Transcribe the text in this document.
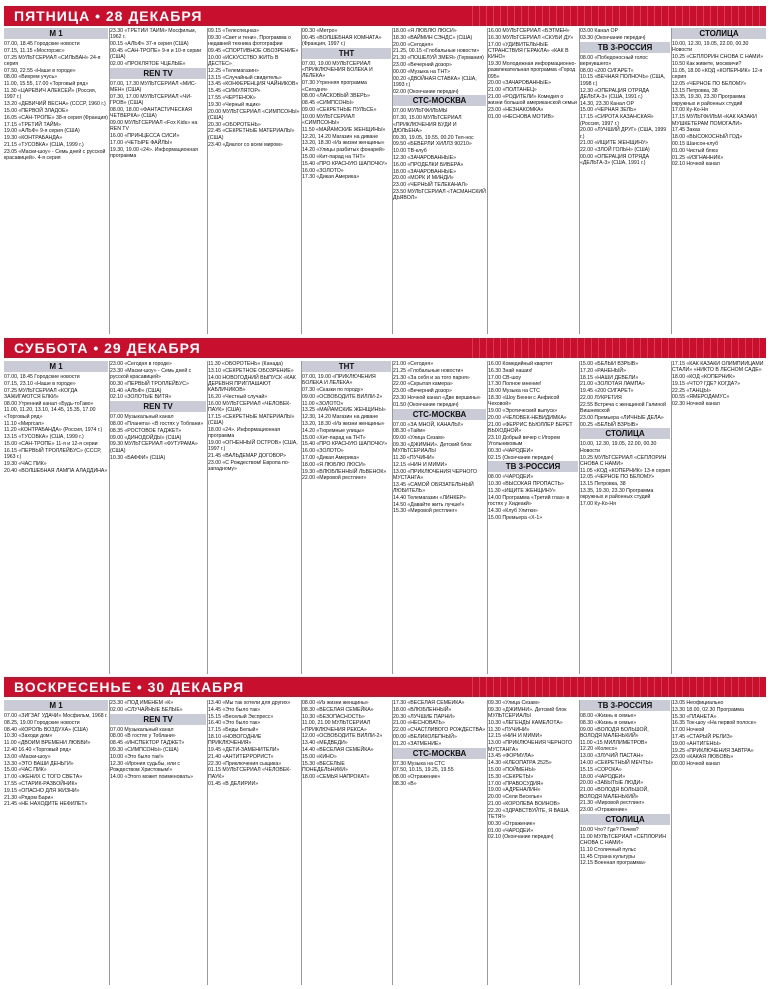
ПЯТНИЦА • 28 ДЕКАБРЯ
М 1
07.00, 18.45 Городские новости
07.15, 11.15 «Мосгорэкс»
07.25 МУЛЬТСЕРИАЛ «СИЛЬВАН» 24-я серия
07.50, 22.55 «Наше в городе»
08.00 «Вихрем учусь»
11.00, 15.55, 17.00 «Торговый ряд»
11.30 «ЦАРЕВИЧ АЛЕКСЕЙ» (Россия, 1997 г.)
13.20 «ДЕВИЧИЙ ВЕСНА» (СССР, 1960 г.)
15.00 «ПЕРВОЙ ЗЛАДОЕ»
16.05 «САН-ТРОПЕ» 38-я серия (Франция)
17.15 «ТРЕТИЙ ТАЙМ»
19.00 «АЛЬФ» 9-я серия (США)
19.30 «КОНТРАБАНДА»
21.15 «ТУСОВКА» (США, 1999 г.)
23.05 «Маски-шоу» - Семь дней с русской красавицей». 4-я серия
23.30 «ТРЕТИЙ ТАЙМ» Мосфильм, 1962 г.
00.15 «АЛЬФ» 37-я серия (США)
00.45 «САН-ТРОПЕ» 9-я и 10-я серии (США)
02.00 «ПРОКЛЯТОЕ ЧЦЕЛЫЕ»
REN TV
07.00, 17.30 МУЛЬТСЕРИАЛ «МИС-МЕН» (США)
07.30, 17.00 МУЛЬТСЕРИАЛ «ЧИ-ГРОВ» (США)
08.00, 18.00 «ФАНТАСТИЧЕСКАЯ ЧЕТВЕРКА» (США)
09.00 МУЛЬТСЕРИАЛ «Fox Kids» на REN TV
16.00 «ПРИНЦЕССА СИСИ»
17.00 «ЧЕТЫРЕ ФАЙЛЫ»
19.30, 19.00 «24». Информационная программа
09.15 «Телеспецназ»
09.30 «Свет и тени». Программа о недавней техника фотографии
09.45 «СПОРТИВНОЕ ОБОЗРЕНИЕ»
10.00 «ИСКУССТВО ЖИТЬ В ДЕСТЕС»
12.25 «Телемагазин»
13.15 «Случайный свидетель»
13.45 «КОНФЕРЕНЦИЯ ЧАЙНИКОВ»
15.45 «СИМУЛЯТОР»
17.55 «ЧЕРТЕНОК»
19.30 «Черный ящик»
20.00 МУЛЬТСЕРИАЛ «СИМПСОНЫ» (США)
20.30 «ОБОРОТЕНЬ»
22.45 «СЕКРЕТНЫЕ МАТЕРИАЛЫ» (США)
23.40 «Диалог со всем миром»
00.30 «Метро»
00.45 «ВОЛШЕБНАЯ КОМНАТА» (Франция, 1997 г.)
ТНТ
07.00, 19.00 МУЛЬТСЕРИАЛ «ПРИКЛЮЧЕНИЯ БОЛЕКА И ЛЕЛЕКА»
07.30 Утренняя программа «Сегодня»
08.00 «ЛАСКОВЫЙ ЗВЕРЬ»
08.45 «СИМПСОНЫ»
09.00 «СЕКРЕТНЫЕ ПУЛЬСЕ»
10.00 МУЛЬТСЕРИАЛ «СИМПСОНЫ»
11.50 «МАЙАМСКИЕ ЖЕНЩИНЫ»
12.20, 14.20 Магазин на диване
13.20, 18.30 «Из жизни женщины»
14.20 «Улицы разбитых фонарей»
15.00 «Кит-парад на ТНТ»
15.40 «ПРО КРАСНУЮ ШАПОЧКУ»
16.00 «ЗОЛОТО»
17.30 «Дикая Америка»
18.00 «Я ЛЮБЛЮ ЛЮСИ»
18.30 «ВАЙМИН СЭНДС» (США)
20.00 «Сегодня»
21.25, 00.15 «Глобальные новости»
21.30 «ПОШЕЛУЙ ЗМЕЯ» (Германия)
23.00 «Вечерний дозор»
00.00 «Музыка на ТНТ»
00.20 «ДВОЙНАЯ СТАВКА» (США, 1993 г.)
02.00 (Окончание передач)
СТС-МОСКВА
07.00 МУЛЬТФИЛЬМЫ
07.30, 15.00 МУЛЬТСЕРИАЛ «ПРИКЛЮЧЕНИЯ БУДИ И ДЮЛЬЕНА»
09.30, 19.05, 19.55, 00.20 Тел-нос
09.50 «БЕВЕРЛИ ХИЛЛЗ 90210»
10.00 ТВ-клуб
12.30 «ЗАЧАРОВАННЫЕ»
16.00 «ПРОДЕЛКИ БИБЕРА»
18.00 «ЗАЧАРОВАННЫЕ»
20.00 «МОРК И МИНДИ»
23.00 «ЧЕРНЫЙ ТЕЛЕКАНАЛ»
23.50 МУЛЬТСЕРИАЛ «ТАСМАНСКИЙ ДЬЯВОЛ»
16.00 МУЛЬТСЕРИАЛ «БЭТМЕН»
16.30 МУЛЬТСЕРИАЛ «СКУБИ ДУ»
17.00 «УДИВИТЕЛЬНЫЕ СТРАНСТВИЯ ГЕРАКЛА» «КАК В КИНО»
19.30 Молодежная информационно-развлекательная программа «Город 095»
20.00 «ЗАЧАРОВАННЫЕ»
21.00 «ПОЛТАНЕЦ»
21.00 «РОДИТЕЛИ» Комедия о жизни большой американской семьи
23.00 «НЕЗНАКОМКА»
01.00 «НЕСНОВА МОТИВ»
03.00 Канал ОР
03.30 (Окончание передач)
ТВ 3-РОССИЯ
08.00 «Победоносный голос вернувшего»
08.00 «200 СИГАРЕТ»
10.15 «ВЕЧНАЯ ПОЛНОЧЬ» (США, 1998 г.)
12.30 «ОПЕРАЦИЯ ОТРЯДА ДЕЛЬТА-3» (США, 1991 г.)
14.30, 23.30 Канал ОР
15.00 «ЧЕРНАЯ ЗЕЛЬ»
17.15 «СИРОТА КАЗАНСКАЯ» (Россия, 1997 г.)
20.00 «ЛУЧШИЙ ДРУГ» (США, 1999 г.)
21.00 «ИЩИТЕ ЖЕНЩИНУ»
22.00 «ЗЛОЙ ГОЛЬН» (США)
00.00 «ОПЕРАЦИЯ ОТРЯДА «ДЕЛЬТА-3» (США, 1991 г.)
СТОЛИЦА
10.00, 12.30, 19.05, 22.00, 00.30 Новости
10.25 «СЕПЛОРИН СНОВА С НАМИ»
10.50 Как живете, москвичи?
11.05, 18.00 «КОД «КОПЕРНИК» 12-я серия
12.05 «ЧЕРНОЕ ПО БЕЛОМУ»
13.15 Петровка, 38
13.35, 19.30, 23.30 Программа окружных и районных студий
17.00 Ку-Ко-Ня
17.15 МУЛЬТФИЛЬМ «КАК КАЗАКИ МУШКЕТЕРАМ ПОМОГАЛИ»
17.45 Заказ
18.00 «ВЫСОКОСНЫЙ ГОД»
00.15 Шансон-клуб
01.00 Чистый блюз
01.25 «ИЗГНАННИК»
02.10 Ночной канал
СУББОТА • 29 ДЕКАБРЯ
М 1
07.00, 18.45 Городские новости
07.15, 23.10 «Наше в городе»
07.25 МУЛЬТСЕРИАЛ «КОГДА ЗАЖИГАЮТСЯ ЕЛКИ»
08.00 Утренний канал «Будь-тоГаво»
11.00, 11.20, 13.10, 14.45, 15.35, 17.00 «Торговый ряд»
11.10 «Миргсап»
11.20 «КОНТРАБАНДА» (Россия, 1974 г.)
13.15 «ТУСОВКА» (США, 1999 г.)
15.00 «САН-ТРОПЕ» 11-я и 12-я серии
16.15 «ПЕРВЫЙ ТРОЛЛЕЙБУС» (СССР, 1963 г.)
19.30 «ЧАС ПИК»
20.40 «ВОЛШЕБНАЯ ЛАМПА АЛАДДИНА»
23.00 «Сегодня в городе»
23.30 «Маски-шоу» - Семь дней с русской красавицей»
00.30 «ПЕРВЫЙ ТРОЛЛЕЙБУС»
01.40 «АЛЬФ» (США)
02.10 «ЗОЛОТЫЕ ВИТЯ»
REN TV
07.00 Музыкальный канал
08.00 «Планета» «В гостях у Тоблани»
08.35 «РОСТОВОЕ ГАДЖЕТ»
09.00 «ДИНОДОЙДЫ» (США)
09.30 МУЛЬТСЕРИАЛ «ФУТУРАМА» (США)
10.30 «БАФФИ» (США)
11.30 «ОБОРОТЕНЬ» (Канада)
13.10 «СЕКРЕТНОЕ ОБОЗРЕНИЕ»
14.00 НОВОГОДНИЙ ВЫПУСК «КАК ДЕРЕВНЯ ПРИГЛАШАЮТ КАБЛИЧИКОВ»
16.20 «Честный случай»
16.00 МУЛЬТСЕРИАЛ «ЧЕЛОВЕК-ПАУК» (США)
17.15 «СЕКРЕТНЫЕ МАТЕРИАЛЫ» (США)
18.00 «24». Информационная программа
19.00 «ОГНЕННЫЙ ОСТРОВ» (США, 1997 г.)
21.45 «ВАЛЬДЕМАР ДОГОВОР»
23.00 «С Рождеством! Европа по-западному»
ТНТ
07.00, 19.00 «ПРИКЛЮЧЕНИЯ БОЛЕКА И ЛЕЛЕКА»
07.30 «Сказки по городу»
09.00 «ОСВОБОДИТЕ ВИЛЛИ-2»
11.00 «ЗОЛОТО»
13.25 «МАЙАМСКИЕ ЖЕНЩИНЫ»
12.30, 14.20 Магазин на диване
13.20, 18.30 «Из жизни женщины»
14.20 «Тюремные улицы»
15.00 «Хит-парад на ТНТ»
15.40 «ПРО КРАСНУЮ ШАПОЧКУ»
16.00 «ЗОЛОТО»
17.00 «Дикая Америка»
18.00 «Я ЛЮБЛЮ ЛЮСИ»
19.30 «ВЛЮБЛЕННЫЙ ЛЬВЕНОК»
22.00 «Мировой рестлинг»
21.00 «Сегодня»
21.25 «Глобальные новости»
21.30 «За себя и за того парня»
22.00 «Скрытая камера»
23.00 «Вечерний дозор»
23.30 Ночной канал «Две вершины»
01.50 (Окончание передач)
СТС-МОСКВА
07.00 «ЗА МНОЙ, КАНАЛЫ!»
08.30 «Тайм»
09.00 «Улица Сезам»
09.30 «ДЖИМНИ». Детский блок МУЛЬТСЕРИАЛЫ
11.30 «ПУЧИНИ»
12.15 «НИН И МИМИ»
13.00 «ПРИКЛЮЧЕНИЯ ЧЕРНОГО МУСТАНГА»
13.45 «САМОЙ ОБЯЗАТЕЛЬНЫЙ ЛЮБИТЕЛЬ»
14.40 Телемагазин «ЛИНКЕР»
14.50 «Давайте жить лучше!»
15.30 «Мировой рестлинг»
16.00 Комедийный квартет
16.30 Знай наших!
17.00 СВ-шоу
17.30 Полное мнение!
18.00 Музыка на СТС
18.30 «Шоу Бенни с Анфисой Чеховой»
19.00 «Эротический выпуск»
20.00 «ЧЕЛОВЕК-НЕВИДИМКА»
21.00 «ФЕРРИС БЬЮЛЛЕР БЕРЕТ ВЫХОДНОЙ»
23.10 Добрый вечер с Игорем Угольниковым
00.30 «ЧАРОДЕИ»
02.15 (Окончание передач)
ТВ 3-РОССИЯ
08.00 «ЧАРОДЕИ»
10.30 «ВЫСОКАЯ ПРОПАСТЬ»
11.30 «ИЩИТЕ ЖЕНЩИНУ»
14.00 Программа «Третий глаз» в гостях у Хидеакй»
14.30 «Клуб Улитки»
15.00 Премьера «Х-1»
15.00 «БЕЛЫЙ ВЗРЫВ»
17.20 «РАНЕНЫЙ»
18.15 «НАШИ ДЕВЕЛИ»
21.00 «ЗОЛОТАЯ ЛАМПА»
19.45 «200 СИГАРЕТ»
22.00 ЛУКРЕТИЯ
22.55 Встреча с женщиной Галиной Вишневской
23.00 Премьера «ЛИЧНЫЕ ДЕЛА»
00.25 «БЕЛЫЙ ВЗРЫВ»
СТОЛИЦА
10.00, 12.30, 19.05, 22.00, 00.30 Новости
10.25 МУЛЬТСЕРИАЛ «СЕПЛОРИН СНОВА С НАМИ»
11.05 «КОД «КОПЕРНИК» 13-я серия
12.05 «ЧЕРНОЕ ПО БЕЛОМУ»
13.15 Петровка, 38
13.35, 19.30, 23.30 Программа окружных и районных студий
17.00 Ку-Ко-Ня
17.15 «КАК КАЗАКИ ОЛИМПИЙЦАМИ СТАЛИ» «НИКТО В ЛЕСНОМ САДЕ»
18.00 «КОД «КОПЕРНИК»
19.15 «ЧТО? ГДЕ? КОГДА?»
22.25 «ТАНЦЫ»
00.55 «ЯМЕРОДАМУС»
02.30 Ночной канал
ВОСКРЕСЕНЬЕ • 30 ДЕКАБРЯ
М 1
07.00 «ЗИГЗАГ УДАЧИ» Мосфильм, 1968 г.
08.25, 19.00 Городские новости
08.40 «КОРОЛЬ ВОЗДУХА» (США)
10.30 «Заходи дом»
11.00 «ДВОИМ ВРЕМЕНИ ЛЮБВИ»
12.40 16.40 «Торговый ряд»
13.00 «Маски-шоу»
13.30 «ЭТО ВАШИ ДЕНЬГИ»
15.00 «ЧАС ПИК»
17.00 «ЖЕНИХ С ТОГО СВЕТА»
17.55 «СТАРИК-РАЗБОЙНИК»
19.15 «ОПАСНО ДЛЯ ЖИЗНИ»
21.30 «Рядом Бари»
21.45 «НЕ НАХОДИТЕ НЕФИЛЕТ»
23.30 «ПОД ИМЕНЕМ «К»
02.00 «СЛУЧАЙНЫЕ БЕЛЫЕ»
REN TV
07.00 Музыкальный канал
08.00 «В гостях у Тоблани»
08.45 «ИНСПЕКТОР ГАДЖЕТ»
09.30 «СИМПСОНЫ» (США)
10.00 «Это было так!»
12.30 «Ирония судьбы, или с Рождеством Христовым!»
14.00 «Этого может поименовать»
13.40 «Мы так хотели для других»
14.45 «Это было так»
15.15 «Веселый Экспресс»
16.40 «Это было так»
17.15 «Беды Белый»
18.10 «НОВОГОДНИЕ ПРИКЛЮЧЕНИЯ»
19.45 «ДЕТИ-ЗАМЕНИТЕЛИ»
21.40 «АНТИТЕРРОРИСТ»
22.30 «Приключения сыщика»
01.15 МУЛЬТСЕРИАЛ «ЧЕЛОВЕК-ПАУК»
01.45 «В ДЕЛИРИИ»
08.00 «Из жизни женщины»
08.30 «ВЕСЕЛАЯ СЕМЕЙКА»
10.30 «БЕЗОПАСНОСТЬ»
11.00, 21.00 МУЛЬТСЕРИАЛ «ПРИКЛЮЧЕНИЯ РЕКСА»
12.00 «ОСВОБОДИТЕ ВИЛЛИ-2»
13.40 «МЕДВЕДИ»
14.40 «ВЕСЕЛАЯ СЕМЕЙКА»
15.00 «КИНО»
15.30 «ВЕСЕЛЫЕ ПОНЕДЕЛЬНИКИ»
18.00 «СЕМЬЯ НАПРОКАТ»
17.30 «ВЕСЕЛАЯ СЕМЕЙКА»
18.00 «ВЛЮБЛЕННЫЙ»
20.30 «ЛУЧШИЕ ПАРНИ»
21.00 «НЕСНОВАТЬ»
22.00 «СЧАСТЛИВОГО РОЖДЕСТВА»
00.00 «ВЕЛИКОЛЕПНЫЙ»
01.20 «ЗАТМЕНИЕ»
СТС-МОСКВА
07.30 Музыка на СТС
07.50, 10.15, 19.25, 19.55
08.00 «Отражение»
08.30 «В»
09.30 «Улица Сезам»
09.30 «ДЖИМНИ». Детский блок МУЛЬТСЕРИАЛЫ
10.30 «ЛЕГЕНДЫ КАМЕЛОТА»
11.30 «ПУЧИНИ»
12.15 «НИН И МИМИ»
13.00 «ПРИКЛЮЧЕНИЯ ЧЕРНОГО МУСТАНГА»
13.45 «ФОРМУЛА»
14.30 «КЛЕОПАТРА 2525»
15.00 «ПОЙМЕНЫ»
15.30 «СЕКРЕТЫ»
17.00 «ПРАВОСУДИЯ»
19.00 «АДРЕНАЛИН»
20.00 «Сели Веселье»
21.00 «КОРОЛЕВА ВОИНОВ»
22.20 «ЗДРАВСТВУЙТЕ, Я ВАША ТЕТЯ!»
00.30 «Отражение»
01.00 «ЧАРОДЕИ»
02.10 (Окончание передач)
ТВ 3-РОССИЯ
08.00 «Жизнь в семье»
08.30 «Жизнь в семье»
09.00 «ВОЛОДЯ БОЛЬШОЙ, ВОЛОДЯ МАЛЕНЬКИЙ»
11.00 «15 МИЛЛИМЕТРОВ»
12.20 «Колесо»
13.00 «ЗЛУЧИЙ ПАСТАН»
14.00 «СЕКРЕТНЫЙ МЕЧТЫ»
15.15 «СОРОКА»
18.00 «ЧАРОДЕИ»
20.00 «ЗАБЫТЫЕ ЛЮДИ»
21.00 «ВОЛОДЯ БОЛЬШОЙ, ВОЛОДЯ МАЛЕНЬКИЙ»
21.30 «Мировой рестлинг»
23.00 «Отражение»
СТОЛИЦА
10.00 Что? Где? Почем?
11.00 МУЛЬТСЕРИАЛ «СЕПЛОРИН СНОВА С НАМИ»
11.10 Столичный пульс
11.45 Страна культуры
12.15 Военная программа»
13.05 Неофициально
13.30 18.00, 02.30 Программа
15.30 «ПЛАНЕТА»
16.35 Ток-шоу «На первой полосе»
17.00 Ночной
17.45 «СТАРЫЙ РЕЛИЗ»
19.00 «АНТИГЕНЫ»
19.25 «ПРИКЛЮЧЕНИЯ ЗАВТРА»
23.00 «КАКАЯ ЛЮБОВЬ»
00.00 Ночной канал
